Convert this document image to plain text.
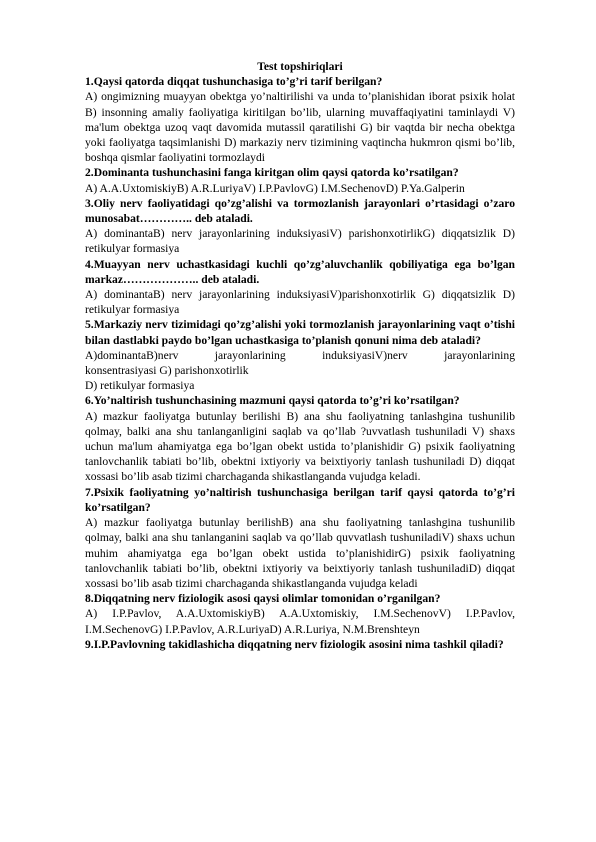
Test topshiriqlari
1.Qaysi qatorda diqqat tushunchasiga to’g’ri tarif berilgan?
A) ongimizning muayyan obektga yo’naltirilishi va unda to’planishidan iborat psixik holat B) insonning amaliy faoliyatiga kiritilgan bo’lib, ularning muvaffaqiyatini taminlaydi V) ma'lum obektga uzoq vaqt davomida mutassil qaratilishi G) bir vaqtda bir necha obektga yoki faoliyatga taqsimlanishi D) markaziy nerv tizimining vaqtincha hukmron qismi bo’lib, boshqa qismlar faoliyatini tormozlaydi
2.Dominanta tushunchasini fanga kiritgan olim qaysi qatorda ko’rsatilgan?
A) A.A.UxtomiskiyB) A.R.LuriyaV) I.P.PavlovG) I.M.SechenovD) P.Ya.Galperin
3.Oliy nerv faoliyatidagi qo’zg’alishi va tormozlanish jarayonlari o’rtasidagi o’zaro munosabat………….. deb ataladi.
A) dominantaB) nerv jarayonlarining induksiyasiV) parishonxotirlikG) diqqatsizlik D) retikulyar formasiya
4.Muayyan nerv uchastkasidagi kuchli qo’zg’aluvchanlik qobiliyatiga ega bo’lgan markaz……………….. deb ataladi.
A) dominantaB) nerv jarayonlarining induksiyasiV)parishonxotirlik G) diqqatsizlik D) retikulyar formasiya
5.Markaziy nerv tizimidagi qo’zg’alishi yoki tormozlanish jarayonlarining vaqt o’tishi bilan dastlabki paydo bo’lgan uchastkasiga to’planish qonuni nima deb ataladi?
A)dominantaB)nerv jarayonlarining induksiyasiV)nerv jarayonlarining
konsentrasiyasi G) parishonxotirlik
D) retikulyar formasiya
6.Yo’naltirish tushunchasining mazmuni qaysi qatorda to’g’ri ko’rsatilgan?
A) mazkur faoliyatga butunlay berilishi B) ana shu faoliyatning tanlashgina tushunilib qolmay, balki ana shu tanlanganligini saqlab va qo’llab ?uvvatlash tushuniladi V) shaxs uchun ma'lum ahamiyatga ega bo’lgan obekt ustida to’planishidir G) psixik faoliyatning tanlovchanlik tabiati bo’lib, obektni ixtiyoriy va beixtiyoriy tanlash tushuniladi D) diqqat xossasi bo’lib asab tizimi charchaganda shikastlanganda vujudga keladi.
7.Psixik faoliyatning yo’naltirish tushunchasiga berilgan tarif qaysi qatorda to’g’ri ko’rsatilgan?
A) mazkur faoliyatga butunlay berilishB) ana shu faoliyatning tanlashgina tushunilib qolmay, balki ana shu tanlanganini saqlab va qo’llab quvvatlash tushuniladiV) shaxs uchun muhim ahamiyatga ega bo’lgan obekt ustida to’planishidirG) psixik faoliyatning tanlovchanlik tabiati bo’lib, obektni ixtiyoriy va beixtiyoriy tanlash tushuniladiD) diqqat xossasi bo’lib asab tizimi charchaganda shikastlanganda vujudga keladi
8.Diqqatning nerv fiziologik asosi qaysi olimlar tomonidan o’rganilgan?
A) I.P.Pavlov, A.A.UxtomiskiyB) A.A.Uxtomiskiy, I.M.SechenovV) I.P.Pavlov, I.M.SechenovG) I.P.Pavlov, A.R.LuriyaD) A.R.Luriya, N.M.Brenshteyn
9.I.P.Pavlovning takidlashicha diqqatning nerv fiziologik asosini nima tashkil qiladi?
